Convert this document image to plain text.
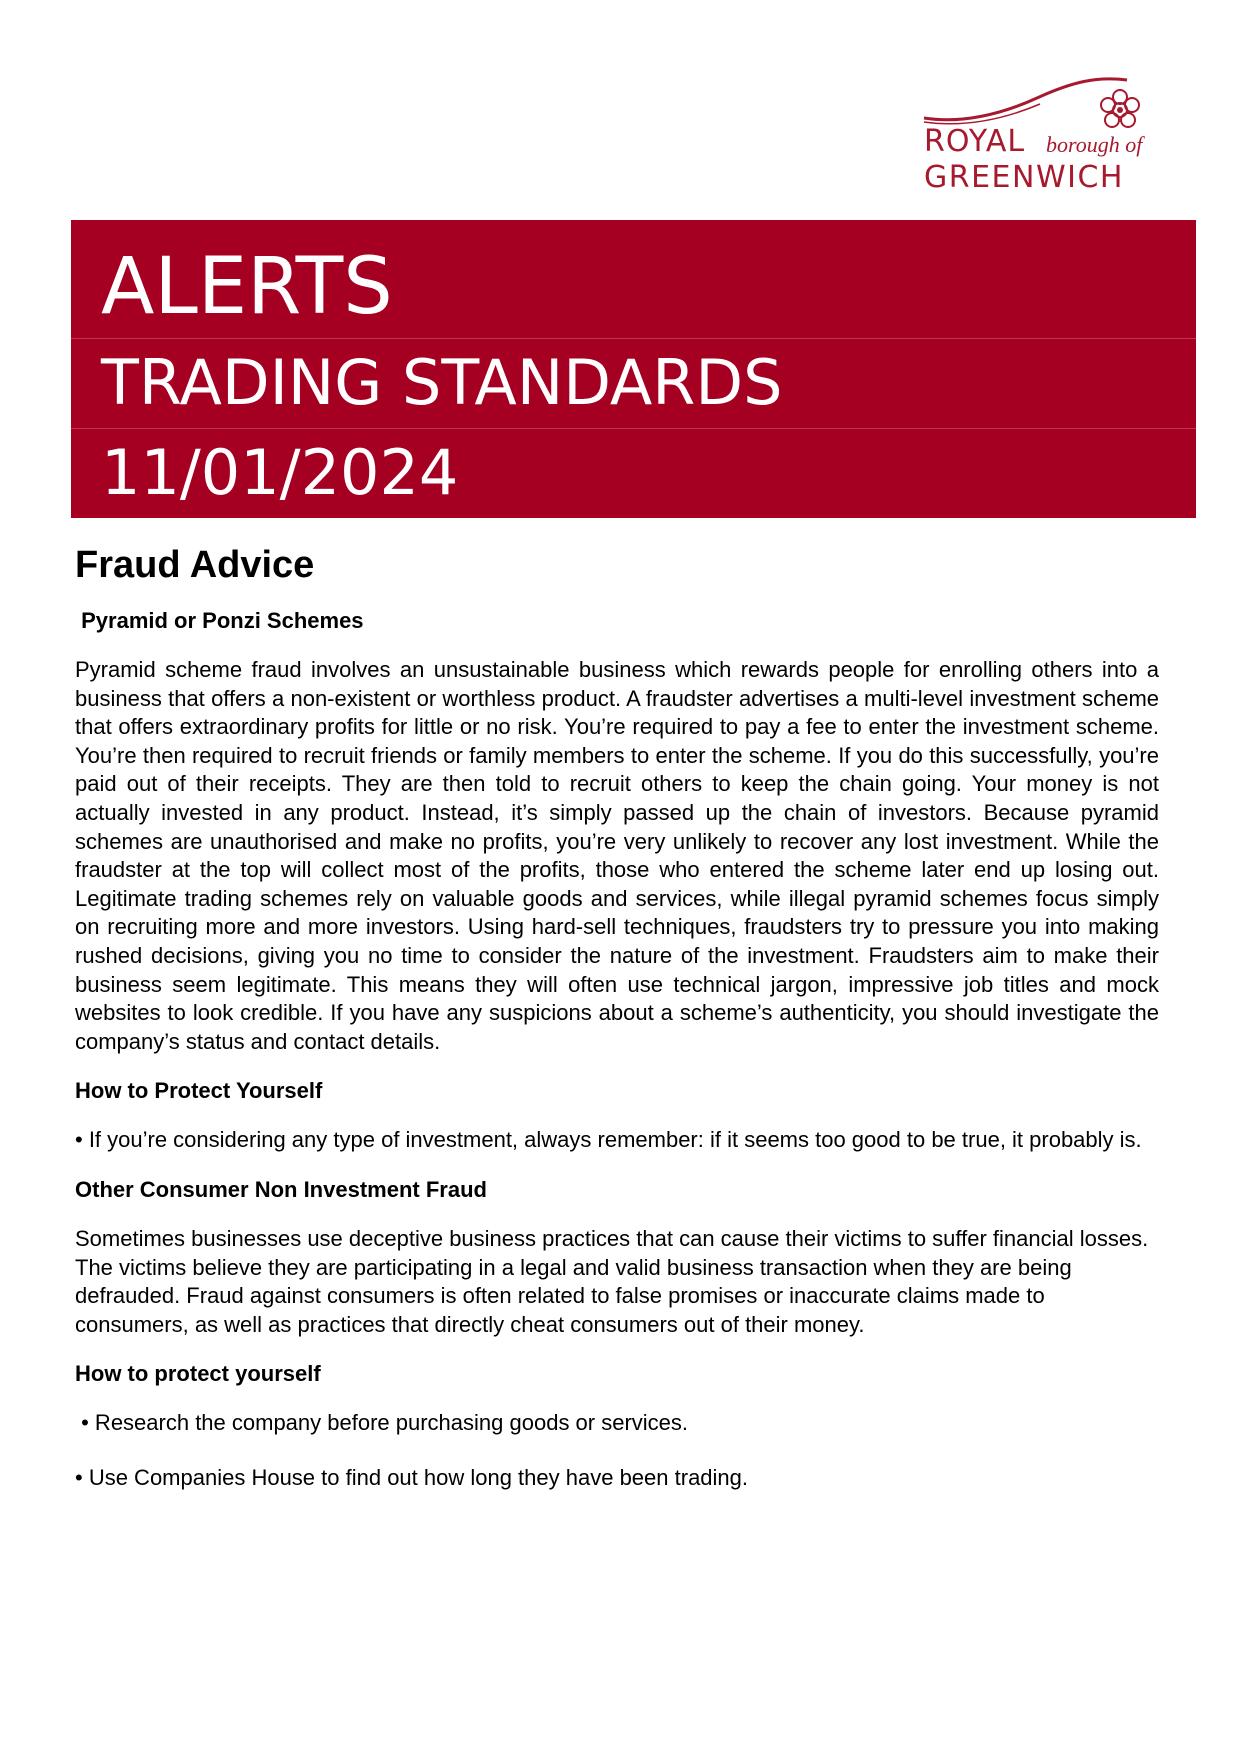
ROYAL borough of
GREENWICH
ALERTS
TRADING STANDARDS
11/01/2024
Fraud Advice
Pyramid or Ponzi Schemes

Pyramid scheme fraud involves an unsustainable business which rewards people for enrolling others into a business that offers a non-existent or worthless product. A fraudster advertises a multi-level investment scheme that offers extraordinary profits for little or no risk. You’re required to pay a fee to enter the investment scheme. You’re then required to recruit friends or family members to enter the scheme. If you do this successfully, you’re paid out of their receipts. They are then told to recruit others to keep the chain going. Your money is not actually invested in any product. Instead, it’s simply passed up the chain of investors. Because pyramid schemes are unauthorised and make no profits, you’re very unlikely to recover any lost investment. While the fraudster at the top will collect most of the profits, those who entered the scheme later end up losing out. Legitimate trading schemes rely on valuable goods and services, while illegal pyramid schemes focus simply on recruiting more and more investors. Using hard-sell techniques, fraudsters try to pressure you into making rushed decisions, giving you no time to consider the nature of the investment. Fraudsters aim to make their business seem legitimate. This means they will often use technical jargon, impressive job titles and mock websites to look credible. If you have any suspicions about a scheme’s authenticity, you should investigate the company’s status and contact details.

How to Protect Yourself

• If you’re considering any type of investment, always remember: if it seems too good to be true, it probably is.

Other Consumer Non Investment Fraud

Sometimes businesses use deceptive business practices that can cause their victims to suffer financial losses. The victims believe they are participating in a legal and valid business transaction when they are being defrauded. Fraud against consumers is often related to false promises or inaccurate claims made to consumers, as well as practices that directly cheat consumers out of their money.

How to protect yourself

• Research the company before purchasing goods or services.

• Use Companies House to find out how long they have been trading.
